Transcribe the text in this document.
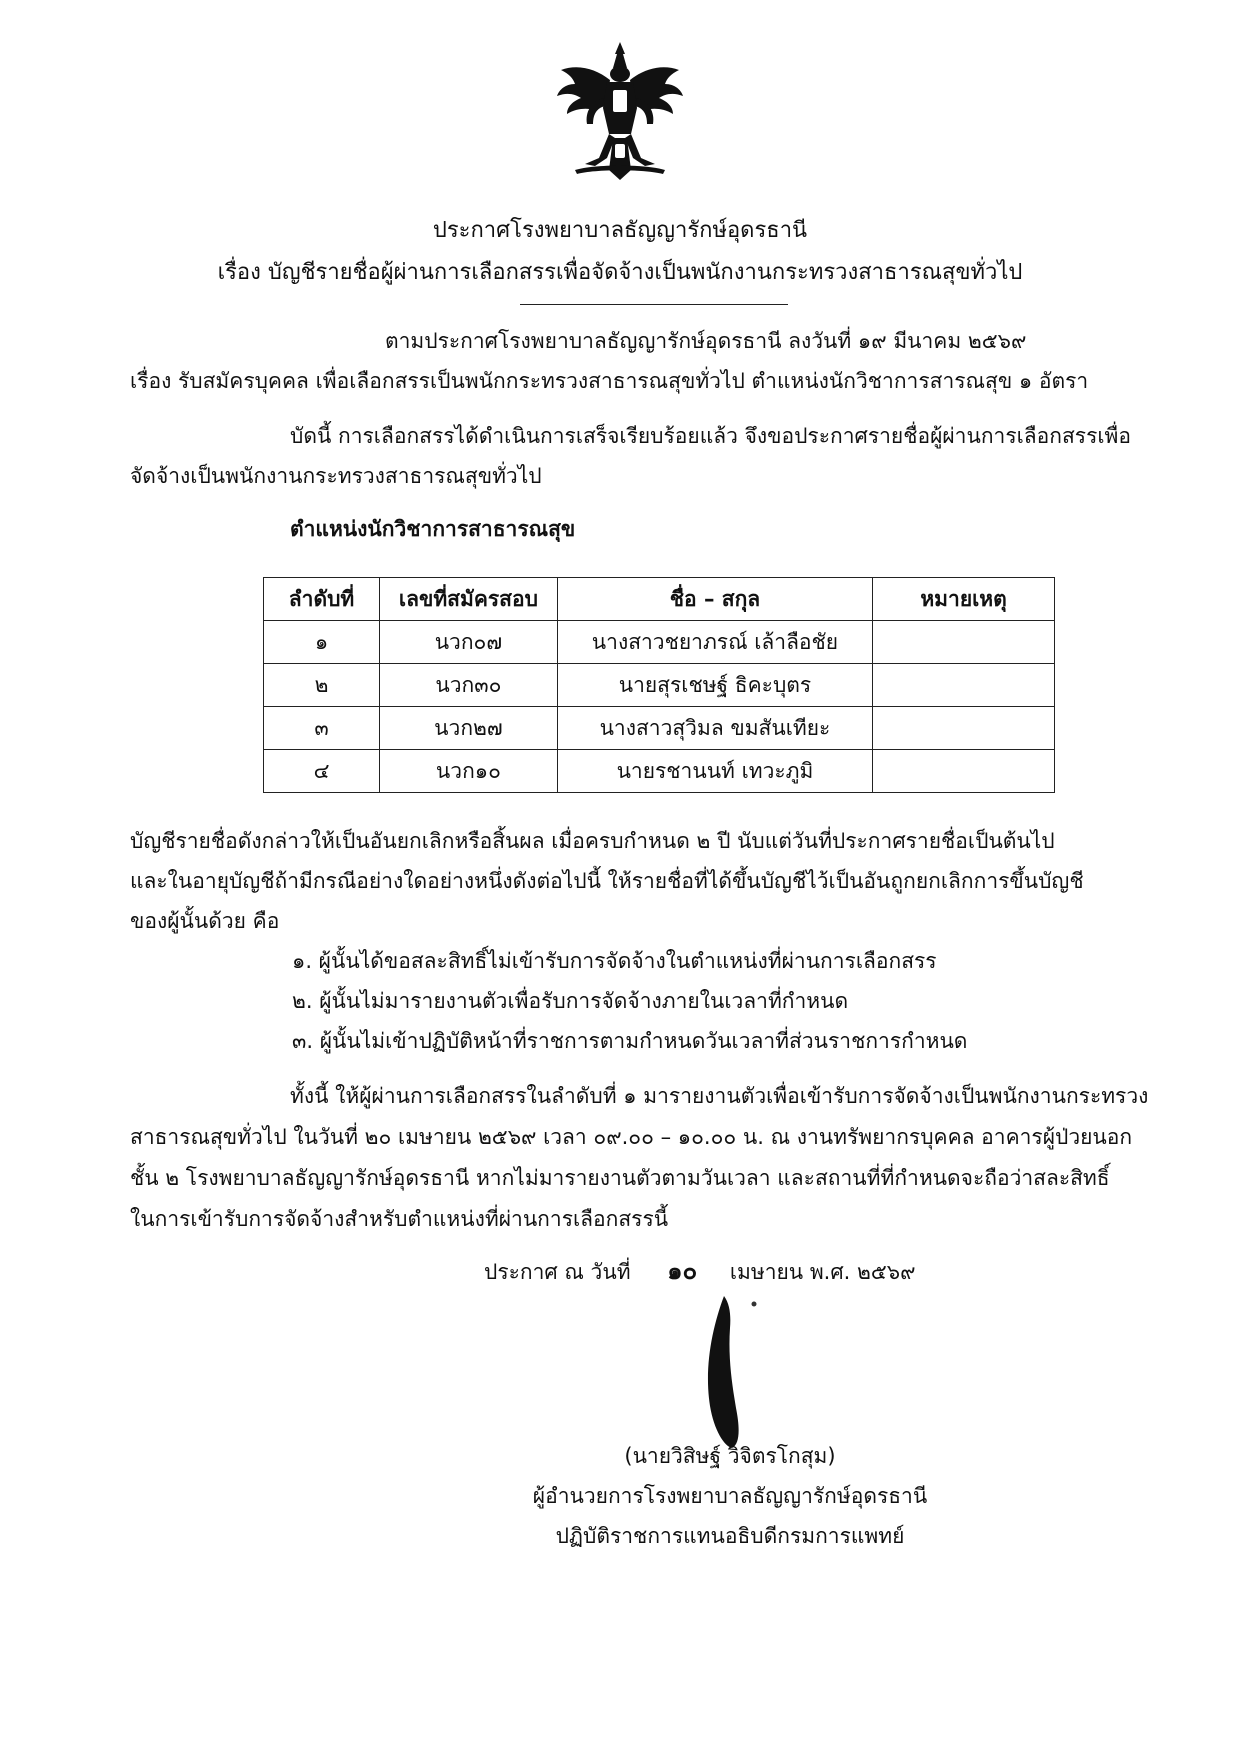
ประกาศโรงพยาบาลธัญญารักษ์อุดรธานี
เรื่อง บัญชีรายชื่อผู้ผ่านการเลือกสรรเพื่อจัดจ้างเป็นพนักงานกระทรวงสาธารณสุขทั่วไป
ตามประกาศโรงพยาบาลธัญญารักษ์อุดรธานี ลงวันที่ ๑๙ มีนาคม ๒๕๖๙
เรื่อง รับสมัครบุคคล เพื่อเลือกสรรเป็นพนักกระทรวงสาธารณสุขทั่วไป ตำแหน่งนักวิชาการสารณสุข ๑ อัตรา
บัดนี้ การเลือกสรรได้ดำเนินการเสร็จเรียบร้อยแล้ว จึงขอประกาศรายชื่อผู้ผ่านการเลือกสรรเพื่อ
จัดจ้างเป็นพนักงานกระทรวงสาธารณสุขทั่วไป
ตำแหน่งนักวิชาการสาธารณสุข
ลำดับที่	เลขที่สมัครสอบ	ชื่อ – สกุล	หมายเหตุ
๑	นวก๐๗	นางสาวชยาภรณ์ เล้าลือชัย	
๒	นวก๓๐	นายสุรเชษฐ์ ธิคะบุตร	
๓	นวก๒๗	นางสาวสุวิมล ขมสันเทียะ	
๔	นวก๑๐	นายรชานนท์ เทวะภูมิ	
บัญชีรายชื่อดังกล่าวให้เป็นอันยกเลิกหรือสิ้นผล เมื่อครบกำหนด ๒ ปี นับแต่วันที่ประกาศรายชื่อเป็นต้นไป
และในอายุบัญชีถ้ามีกรณีอย่างใดอย่างหนึ่งดังต่อไปนี้ ให้รายชื่อที่ได้ขึ้นบัญชีไว้เป็นอันถูกยกเลิกการขึ้นบัญชี
ของผู้นั้นด้วย คือ
๑. ผู้นั้นได้ขอสละสิทธิ์ไม่เข้ารับการจัดจ้างในตำแหน่งที่ผ่านการเลือกสรร
๒. ผู้นั้นไม่มารายงานตัวเพื่อรับการจัดจ้างภายในเวลาที่กำหนด
๓. ผู้นั้นไม่เข้าปฏิบัติหน้าที่ราชการตามกำหนดวันเวลาที่ส่วนราชการกำหนด
ทั้งนี้ ให้ผู้ผ่านการเลือกสรรในลำดับที่ ๑ มารายงานตัวเพื่อเข้ารับการจัดจ้างเป็นพนักงานกระทรวง
สาธารณสุขทั่วไป ในวันที่ ๒๐ เมษายน ๒๕๖๙ เวลา ๐๙.๐๐ – ๑๐.๐๐ น. ณ งานทรัพยากรบุคคล อาคารผู้ป่วยนอก
ชั้น ๒ โรงพยาบาลธัญญารักษ์อุดรธานี หากไม่มารายงานตัวตามวันเวลา และสถานที่ที่กำหนดจะถือว่าสละสิทธิ์
ในการเข้ารับการจัดจ้างสำหรับตำแหน่งที่ผ่านการเลือกสรรนี้
ประกาศ ณ วันที่ ๑๐ เมษายน พ.ศ. ๒๕๖๙
(นายวิสิษฐ์ วิจิตรโกสุม)
ผู้อำนวยการโรงพยาบาลธัญญารักษ์อุดรธานี
ปฏิบัติราชการแทนอธิบดีกรมการแพทย์
